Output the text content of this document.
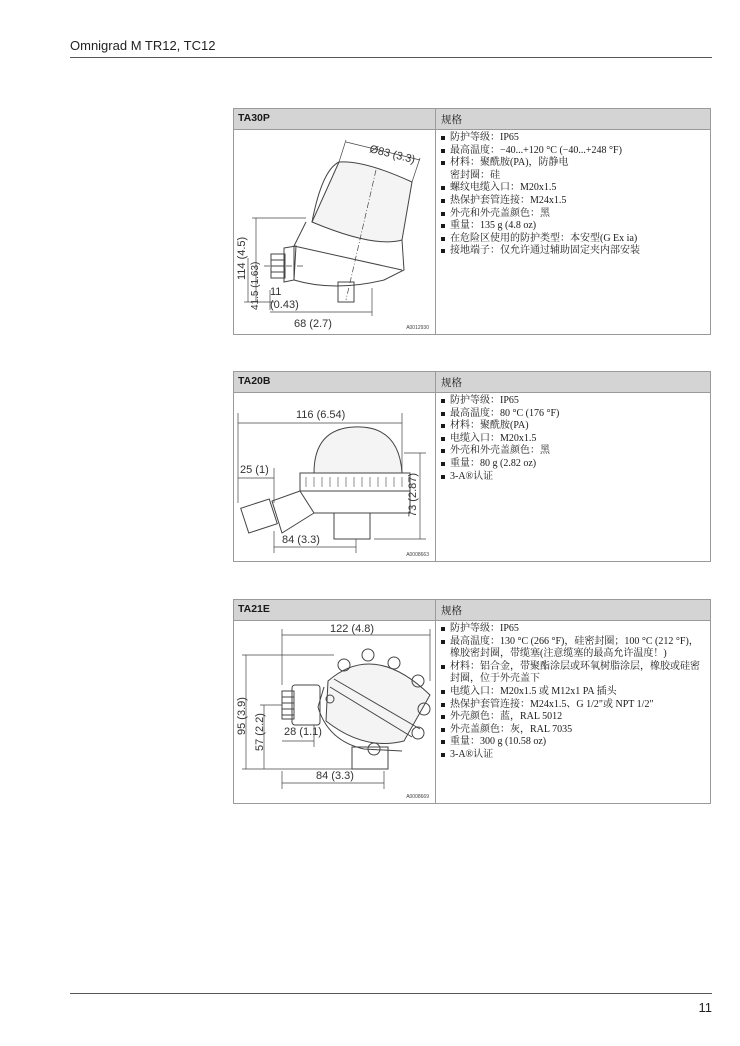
Omnigrad M TR12, TC12
TA30P	规格
Ø83 (3.3)
114 (4.5)
41.5 (1.63) 11
(0.43)
68 (2.7)	A0012930
防护等级：IP65
最高温度：−40...+120 °C (−40...+248 °F)
材料：聚酰胺(PA)，防静电
密封圈：硅
螺纹电缆入口：M20x1.5
热保护套管连接：M24x1.5
外壳和外壳盖颜色：黑
重量：135 g (4.8 oz)
在危险区使用的防护类型：本安型(G Ex ia)
接地端子：仅允许通过辅助固定夹内部安装
TA20B	规格
116 (6.54)
25 (1)
73 (2.87)
84 (3.3)
A0008663
防护等级：IP65
最高温度：80 °C (176 °F)
材料：聚酰胺(PA)
电缆入口：M20x1.5
外壳和外壳盖颜色：黑
重量：80 g (2.82 oz)
3-A®认证
TA21E	规格
122 (4.8)
95 (3.9) 57 (2.2) 28 (1.1)
84 (3.3)
A0008669
防护等级：IP65
最高温度：130 °C (266 °F)，硅密封圈；100 °C (212 °F)，
橡胶密封圈，带缆塞(注意缆塞的最高允许温度！)
材料：铝合金，带聚酯涂层或环氧树脂涂层，橡胶或硅密
封圈，位于外壳盖下
电缆入口：M20x1.5 或 M12x1 PA 插头
热保护套管连接：M24x1.5、G 1/2"或 NPT 1/2"
外壳颜色：蓝，RAL 5012
外壳盖颜色：灰，RAL 7035
重量：300 g (10.58 oz)
3-A®认证
11
